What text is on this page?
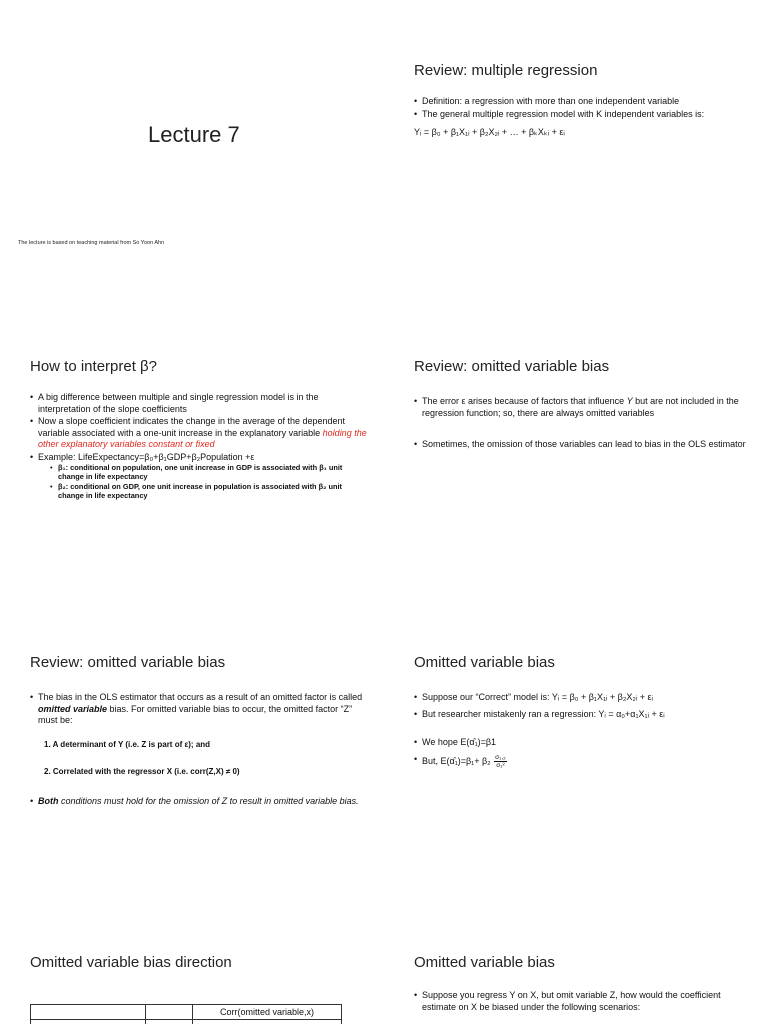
Lecture 7
The lecture is based on teaching material from So Yoon Ahn
Review: multiple regression
• Definition: a regression with more than one independent variable
• The general multiple regression model with K independent variables is:
Yᵢ = β₀ + β₁X₁ᵢ + β₂X₂ᵢ + … + βₖXₖᵢ + εᵢ
How to interpret β?
• A big difference between multiple and single regression model is in the interpretation of the slope coefficients
• Now a slope coefficient indicates the change in the average of the dependent variable associated with a one-unit increase in the explanatory variable holding the other explanatory variables constant or fixed
• Example: LifeExpectancy=β₀+β₁GDP+β₂Population +ε
• β₁: conditional on population, one unit increase in GDP is associated with β₁ unit change in life expectancy
• β₂: conditional on GDP, one unit increase in population is associated with β₂ unit change in life expectancy
Review: omitted variable bias
• The error ε arises because of factors that influence Y but are not included in the regression function; so, there are always omitted variables
• Sometimes, the omission of those variables can lead to bias in the OLS estimator
Review: omitted variable bias
• The bias in the OLS estimator that occurs as a result of an omitted factor is called omitted variable bias. For omitted variable bias to occur, the omitted factor “Z” must be:
1. A determinant of Y (i.e. Z is part of ε); and
2. Correlated with the regressor X (i.e. corr(Z,X) ≠ 0)
• Both conditions must hold for the omission of Z to result in omitted variable bias.
Omitted variable bias
• Suppose our “Correct” model is: Yᵢ = β₀ + β₁X₁ᵢ + β₂X₂ᵢ + εᵢ
• But researcher mistakenly ran a regression: Yᵢ = α₀+α₁X₁ᵢ + εᵢ
• We hope E(α̂₁)=β1
• But, E(α̂₁)=β₁+ $\beta_2 \frac{\text{σ₁,₂}}{\text{σ₁²}}$
Omitted variable bias direction
		Corr(omitted variable,x)

Omitted variable bias
• Suppose you regress Y on X, but omit variable Z, how would the coefficient estimate on X be biased under the following scenarios:
